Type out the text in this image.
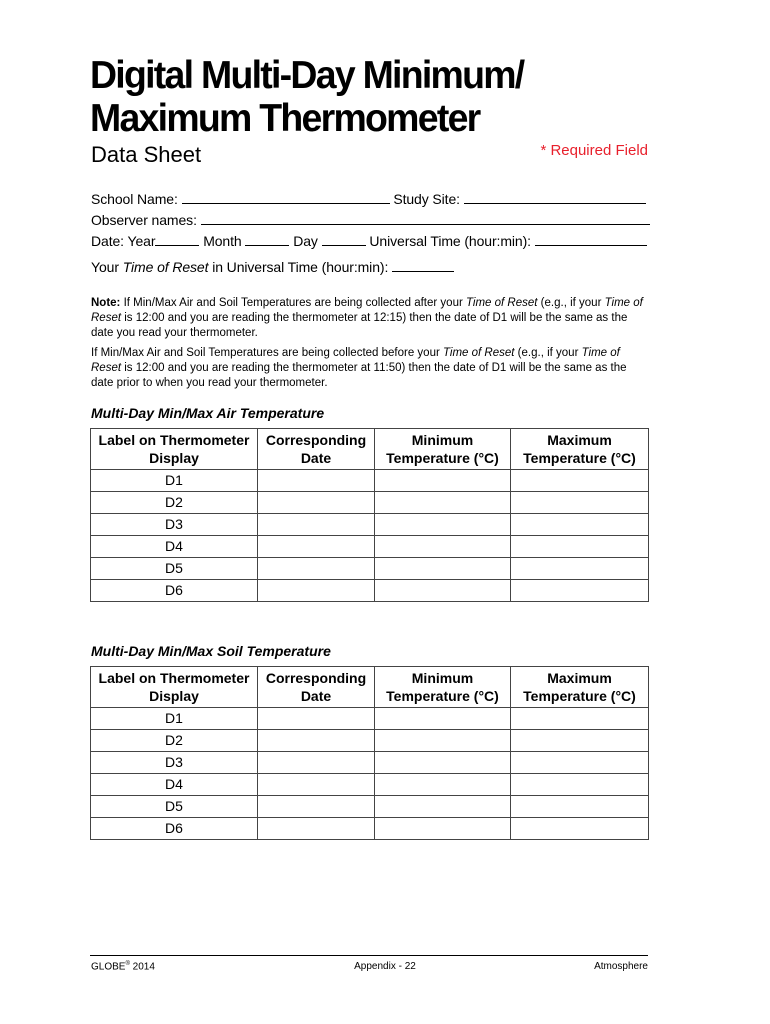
Digital Multi-Day Minimum/
Maximum Thermometer
Data Sheet	* Required Field
School Name:	Study Site:
Observer names:
Date: Year	Month	Day	Universal Time (hour:min):
Your Time of Reset in Universal Time (hour:min):
Note: If Min/Max Air and Soil Temperatures are being collected after your Time of Reset (e.g., if your Time of Reset is 12:00 and you are reading the thermometer at 12:15) then the date of D1 will be the same as the date you read your thermometer.
If Min/Max Air and Soil Temperatures are being collected before your Time of Reset (e.g., if your Time of Reset is 12:00 and you are reading the thermometer at 11:50) then the date of D1 will be the same as the date prior to when you read your thermometer.
Multi-Day Min/Max Air Temperature
Label on Thermometer Display	Corresponding Date	Minimum Temperature (°C)	Maximum Temperature (°C)
D1			
D2			
D3			
D4			
D5			
D6			
Multi-Day Min/Max Soil Temperature
Label on Thermometer Display	Corresponding Date	Minimum Temperature (°C)	Maximum Temperature (°C)
D1			
D2			
D3			
D4			
D5			
D6			
GLOBE® 2014	Appendix - 22	Atmosphere
